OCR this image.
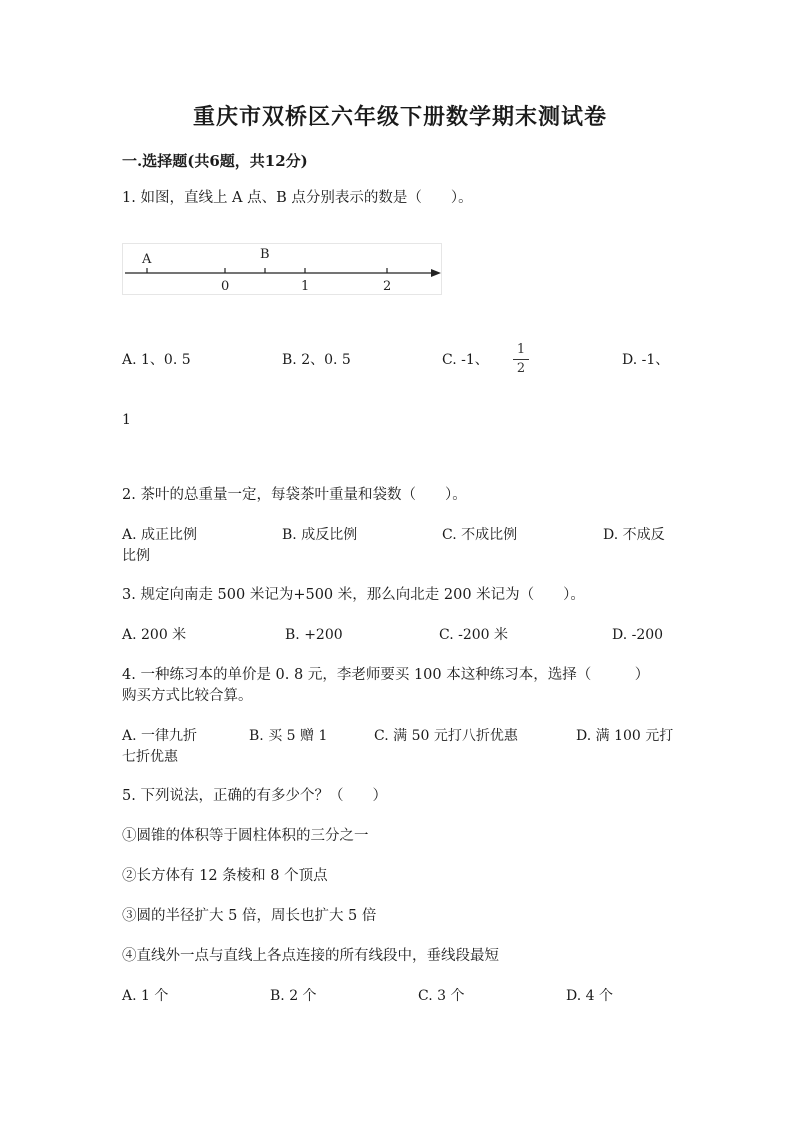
重庆市双桥区六年级下册数学期末测试卷
一.选择题(共6题，共12分)
1. 如图，直线上 A 点、B 点分别表示的数是（　　）。
A	B
0	1	2
A. 1、0. 5	B. 2、0. 5	C. -1、
1
2
D. -1、
1
2. 茶叶的总重量一定，每袋茶叶重量和袋数（　　）。
A. 成正比例	B. 成反比例	C. 不成比例	D. 不成反
比例
3. 规定向南走 500 米记为+500 米，那么向北走 200 米记为（　　）。
A. 200 米	B. +200	C. -200 米	D. -200
4. 一种练习本的单价是 0. 8 元，李老师要买 100 本这种练习本，选择（　　　）
购买方式比较合算。
A. 一律九折	B. 买 5 赠 1	C. 满 50 元打八折优惠	D. 满 100 元打
七折优惠
5. 下列说法，正确的有多少个？（　　）
①圆锥的体积等于圆柱体积的三分之一
②长方体有 12 条棱和 8 个顶点
③圆的半径扩大 5 倍，周长也扩大 5 倍
④直线外一点与直线上各点连接的所有线段中，垂线段最短
A. 1 个	B. 2 个	C. 3 个	D. 4 个
